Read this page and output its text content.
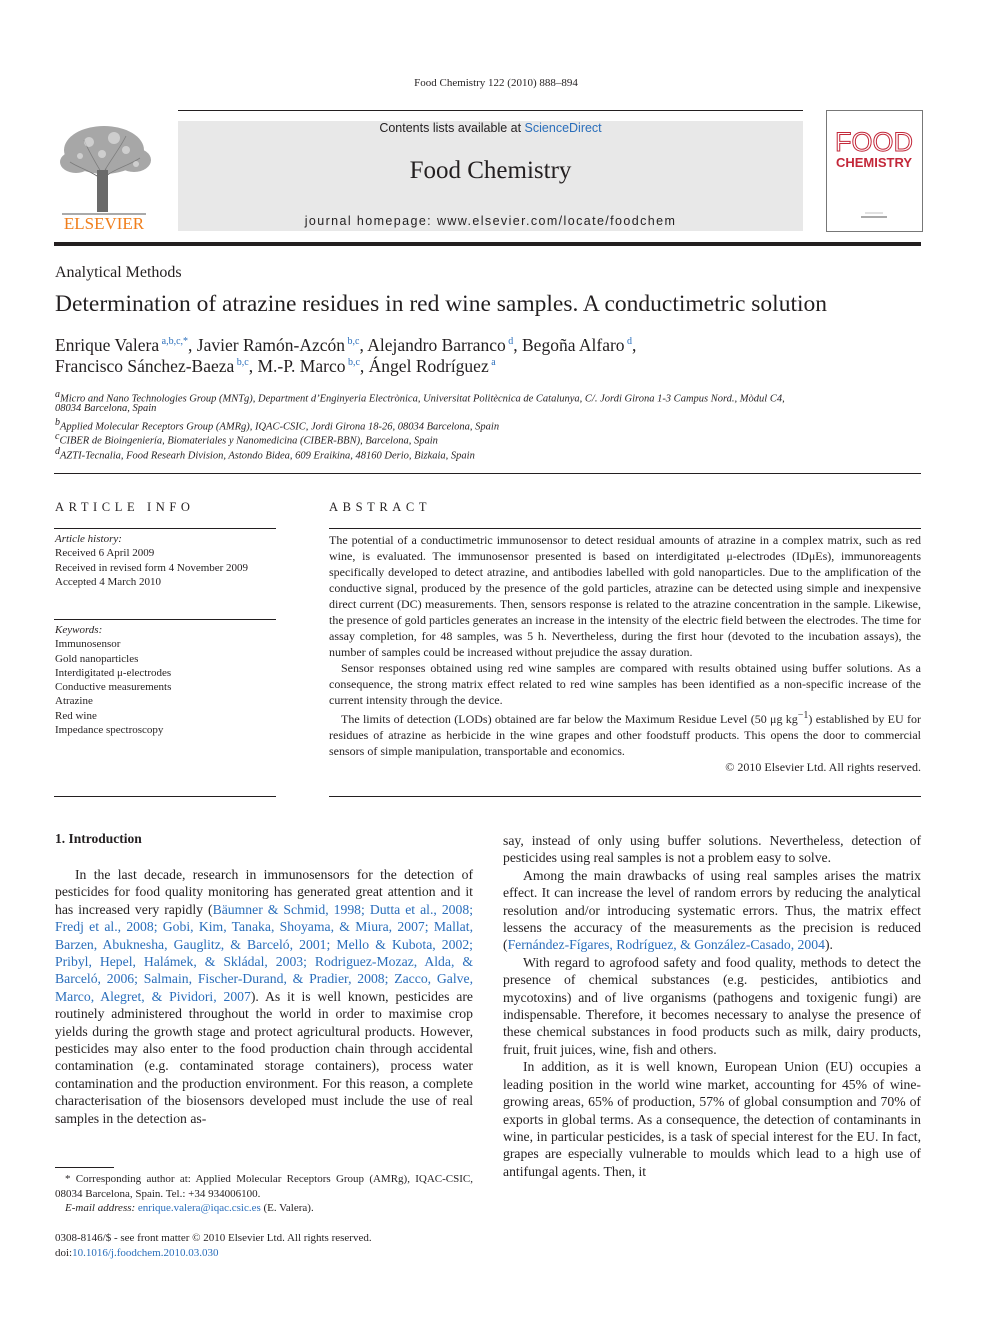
Food Chemistry 122 (2010) 888–894
ELSEVIER
Contents lists available at ScienceDirect
Food Chemistry
journal homepage: www.elsevier.com/locate/foodchem
FOOD
CHEMISTRY
Analytical Methods
Determination of atrazine residues in red wine samples. A conductimetric solution
Enrique Valera $^{a,b,c,*}$, Javier Ramón-Azcón $^{b,c}$, Alejandro Barranco $^d$, Begoña Alfaro $^d$,
Francisco Sánchez-Baeza $^{b,c}$, M.-P. Marco $^{b,c}$, Ángel Rodríguez $^a$
$^a$Micro and Nano Technologies Group (MNTg), Department d’Enginyeria Electrònica, Universitat Politècnica de Catalunya, C/. Jordi Girona 1-3 Campus Nord., Mòdul C4,
08034 Barcelona, Spain
$^b$Applied Molecular Receptors Group (AMRg), IQAC-CSIC, Jordi Girona 18-26, 08034 Barcelona, Spain
$^c$CIBER de Bioingeniería, Biomateriales y Nanomedicina (CIBER-BBN), Barcelona, Spain
$^d$AZTI-Tecnalia, Food Researh Division, Astondo Bidea, 609 Eraikina, 48160 Derio, Bizkaia, Spain
ARTICLE INFO
Article history:
Received 6 April 2009
Received in revised form 4 November 2009
Accepted 4 March 2010
Keywords:
Immunosensor
Gold nanoparticles
Interdigitated μ-electrodes
Conductive measurements
Atrazine
Red wine
Impedance spectroscopy
ABSTRACT

The potential of a conductimetric immunosensor to detect residual amounts of atrazine in a complex matrix, such as red wine, is evaluated. The immunosensor presented is based on interdigitated μ-electrodes (IDμEs), immunoreagents specifically developed to detect atrazine, and antibodies labelled with gold nanoparticles. Due to the amplification of the conductive signal, produced by the presence of the gold particles, atrazine can be detected using simple and inexpensive direct current (DC) measurements. Then, sensors response is related to the atrazine concentration in the sample. Likewise, the presence of gold particles generates an increase in the intensity of the electric field between the electrodes. The time for assay completion, for 48 samples, was 5 h. Nevertheless, during the first hour (devoted to the incubation assays), the number of samples could be increased without prejudice the assay duration.

Sensor responses obtained using red wine samples are compared with results obtained using buffer solutions. As a consequence, the strong matrix effect related to red wine samples has been identified as a non-specific increase of the current intensity through the device.

The limits of detection (LODs) obtained are far below the Maximum Residue Level (50 μg $kg^{-1}$) established by EU for residues of atrazine as herbicide in the wine grapes and other foodstuff products. This opens the door to commercial sensors of simple manipulation, transportable and economics.

© 2010 Elsevier Ltd. All rights reserved.
1. Introduction

In the last decade, research in immunosensors for the detection of pesticides for food quality monitoring has generated great attention and it has increased very rapidly (Bäumner & Schmid, 1998; Dutta et al., 2008; Fredj et al., 2008; Gobi, Kim, Tanaka, Shoyama, & Miura, 2007; Mallat, Barzen, Abuknesha, Gauglitz, & Barceló, 2001; Mello & Kubota, 2002; Pribyl, Hepel, Halámek, & Skládal, 2003; Rodriguez-Mozaz, Alda, & Barceló, 2006; Salmain, Fischer-Durand, & Pradier, 2008; Zacco, Galve, Marco, Alegret, & Pividori, 2007). As it is well known, pesticides are routinely administered throughout the world in order to maximise crop yields during the growth stage and protect agricultural products. However, pesticides may also enter to the food production chain through accidental contamination (e.g. contaminated storage containers), process water contamination and the production environment. For this reason, a complete characterisation of the biosensors developed must include the use of real samples in the detection as-

say, instead of only using buffer solutions. Nevertheless, detection of pesticides using real samples is not a problem easy to solve.

Among the main drawbacks of using real samples arises the matrix effect. It can increase the level of random errors by reducing the analytical resolution and/or introducing systematic errors. Thus, the matrix effect lessens the accuracy of the measurements as the precision is reduced (Fernández-Fígares, Rodríguez, & González-Casado, 2004).

With regard to agrofood safety and food quality, methods to detect the presence of chemical substances (e.g. pesticides, antibiotics and mycotoxins) and of live organisms (pathogens and toxigenic fungi) are indispensable. Therefore, it becomes necessary to analyse the presence of these chemical substances in food products such as milk, dairy products, fruit, fruit juices, wine, fish and others.

In addition, as it is well known, European Union (EU) occupies a leading position in the world wine market, accounting for 45% of wine-growing areas, 65% of production, 57% of global consumption and 70% of exports in global terms. As a consequence, the detection of contaminants in wine, in particular pesticides, is a task of special interest for the EU. In fact, grapes are especially vulnerable to moulds which lead to a high use of antifungal agents. Then, it

* Corresponding author at: Applied Molecular Receptors Group (AMRg), IQAC-CSIC, 08034 Barcelona, Spain. Tel.: +34 934006100.
E-mail address: enrique.valera@iqac.csic.es (E. Valera).
0308-8146/$ - see front matter © 2010 Elsevier Ltd. All rights reserved.
doi:10.1016/j.foodchem.2010.03.030
